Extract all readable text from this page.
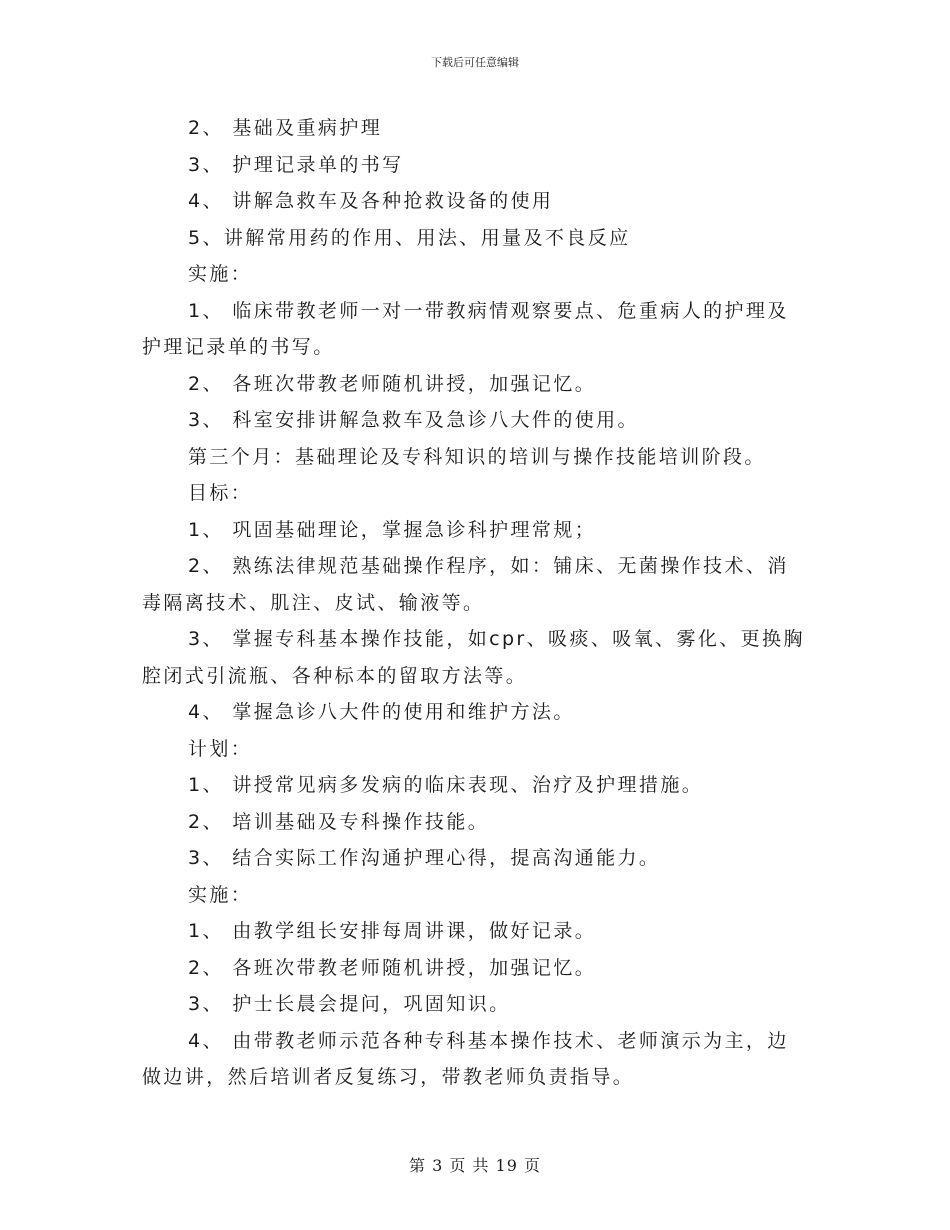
下载后可任意编辑
2、 基础及重病护理
3、 护理记录单的书写
4、 讲解急救车及各种抢救设备的使用
5、讲解常用药的作用、用法、用量及不良反应
实施：
1、 临床带教老师一对一带教病情观察要点、危重病人的护理及
护理记录单的书写。
2、 各班次带教老师随机讲授，加强记忆。
3、 科室安排讲解急救车及急诊八大件的使用。
第三个月：基础理论及专科知识的培训与操作技能培训阶段。
目标：
1、 巩固基础理论，掌握急诊科护理常规；
2、 熟练法律规范基础操作程序，如：铺床、无菌操作技术、消
毒隔离技术、肌注、皮试、输液等。
3、 掌握专科基本操作技能，如cpr、吸痰、吸氧、雾化、更换胸
腔闭式引流瓶、各种标本的留取方法等。
4、 掌握急诊八大件的使用和维护方法。
计划：
1、 讲授常见病多发病的临床表现、治疗及护理措施。
2、 培训基础及专科操作技能。
3、 结合实际工作沟通护理心得，提高沟通能力。
实施：
1、 由教学组长安排每周讲课，做好记录。
2、 各班次带教老师随机讲授，加强记忆。
3、 护士长晨会提问，巩固知识。
4、 由带教老师示范各种专科基本操作技术、老师演示为主，边
做边讲，然后培训者反复练习，带教老师负责指导。
第 3 页 共 19 页
